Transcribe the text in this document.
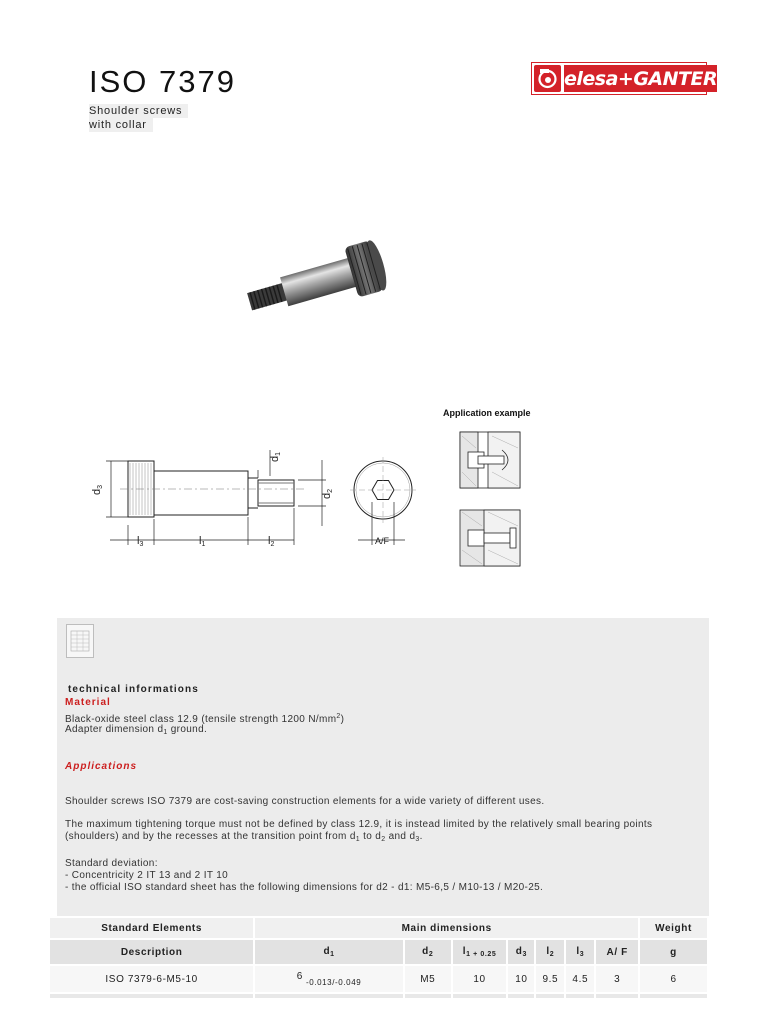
ISO 7379
Shoulder screws
with collar
elesa+GANTER
d3
d1
d2
l3	l1	l2	A/F
Application example
technical informations
Material
Black-oxide steel class 12.9 (tensile strength 1200 $N/mm^2$)
Adapter dimension $d_1$ ground.
Applications
Shoulder screws ISO 7379 are cost-saving construction elements for a wide variety of different uses.
The maximum tightening torque must not be defined by class 12.9, it is instead limited by the relatively small bearing points
(shoulders) and by the recesses at the transition point from $d_1$ to $d_2$ and $d_3$.
Standard deviation:
- Concentricity 2 IT 13 and 2 IT 10
- the official ISO standard sheet has the following dimensions for d2 - d1: M5-6,5 / M10-13 / M20-25.
Standard Elements	Main dimensions							Weight
Description	$d_1$	$d_2$	$l_{1 + 0.25}$	$d_3$	$l_2$	$l_3$	A/ F	g
ISO 7379-6-M5-10	$^6_{-0.013/-0.049}$	M5	10	10	9.5	4.5	3	6
